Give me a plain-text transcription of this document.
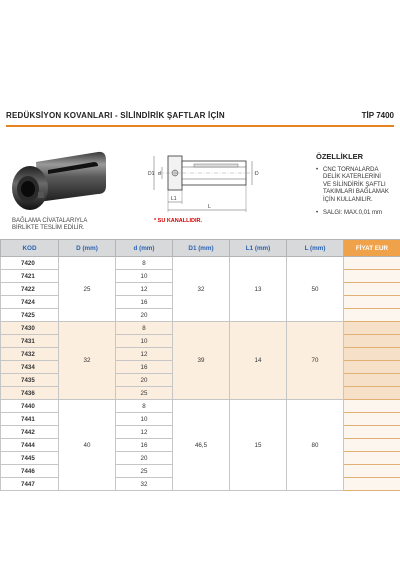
REDÜKSİYON KOVANLARI - SİLİNDİRİK ŞAFTLAR İÇİN	TİP 7400
BAĞLAMA CİVATALARIYLA
BİRLİKTE TESLİM EDİLİR.
D1 d	D
L1
L
* SU KANALLIDIR.
ÖZELLİKLER
• CNC TORNALARDA
DELİK KATERLERİNİ
VE SİLİNDİRİK ŞAFTLI
TAKIMLARI BAĞLAMAK
İÇİN KULLANILIR.
• SALGI: MAX.0,01 mm
KOD	D (mm)	d (mm)	D1 (mm)	L1 (mm)	L (mm)	FİYAT EUR
7420	25	8	32	13	50	
7421		10				
7422		12				
7424		16				
7425		20				
7430	32	8	39	14	70	
7431		10				
7432		12				
7434		16				
7435		20				
7436		25				
7440	40	8	46,5	15	80	
7441		10				
7442		12				
7444		16				
7445		20				
7446		25				
7447		32				
